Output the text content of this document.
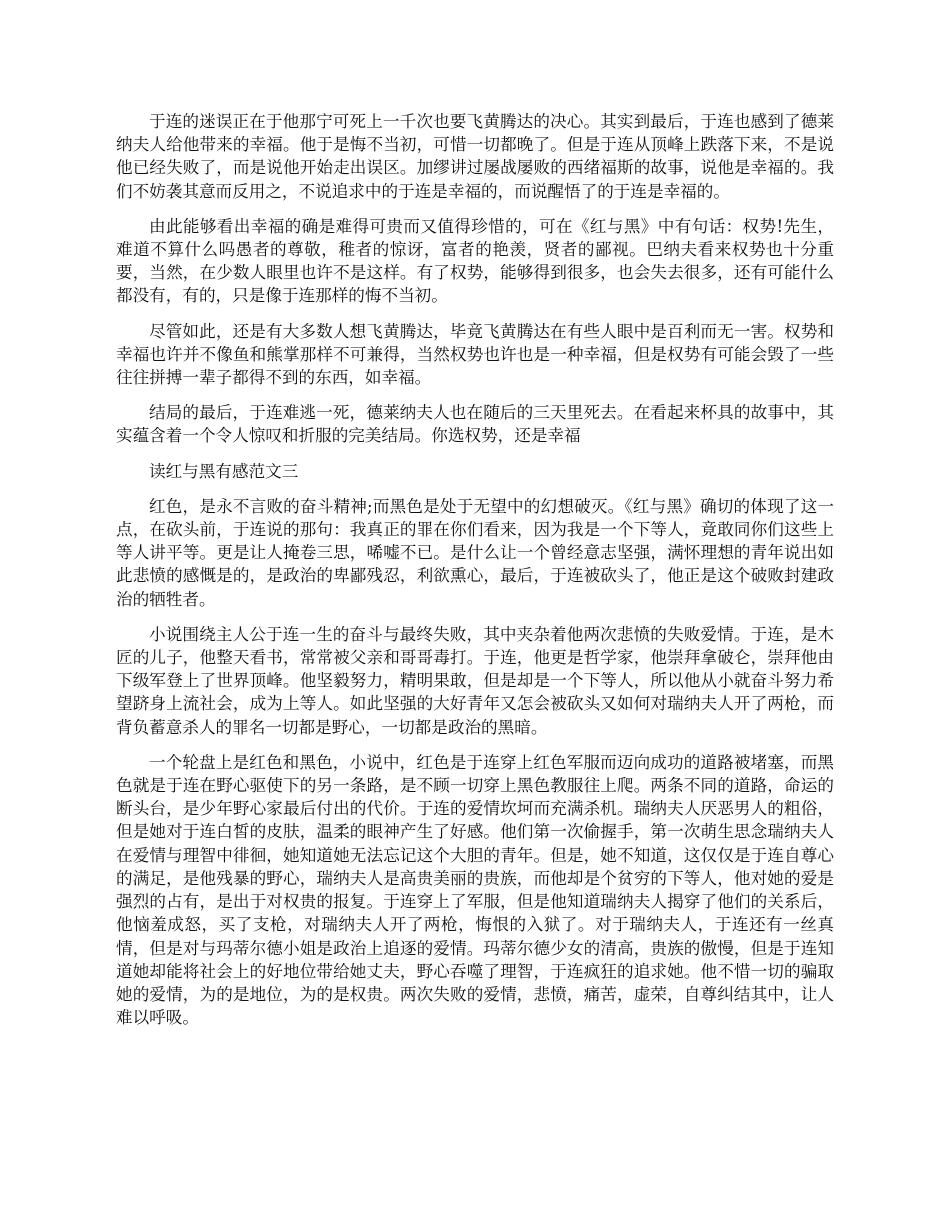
于连的迷误正在于他那宁可死上一千次也要飞黄腾达的决心。其实到最后，于连也感到了德莱纳夫人给他带来的幸福。他于是悔不当初，可惜一切都晚了。但是于连从顶峰上跌落下来，不是说他已经失败了，而是说他开始走出误区。加缪讲过屡战屡败的西绪福斯的故事，说他是幸福的。我们不妨袭其意而反用之，不说追求中的于连是幸福的，而说醒悟了的于连是幸福的。

由此能够看出幸福的确是难得可贵而又值得珍惜的，可在《红与黑》中有句话：权势!先生，难道不算什么吗愚者的尊敬，稚者的惊讶，富者的艳羡，贤者的鄙视。巴纳夫看来权势也十分重要，当然，在少数人眼里也许不是这样。有了权势，能够得到很多，也会失去很多，还有可能什么都没有，有的，只是像于连那样的悔不当初。

尽管如此，还是有大多数人想飞黄腾达，毕竟飞黄腾达在有些人眼中是百利而无一害。权势和幸福也许并不像鱼和熊掌那样不可兼得，当然权势也许也是一种幸福，但是权势有可能会毁了一些往往拼搏一辈子都得不到的东西，如幸福。

结局的最后，于连难逃一死，德莱纳夫人也在随后的三天里死去。在看起来杯具的故事中，其实蕴含着一个令人惊叹和折服的完美结局。你选权势，还是幸福

读红与黑有感范文三

红色，是永不言败的奋斗精神;而黑色是处于无望中的幻想破灭。《红与黑》确切的体现了这一点，在砍头前，于连说的那句：我真正的罪在你们看来，因为我是一个下等人，竟敢同你们这些上等人讲平等。更是让人掩卷三思，唏嘘不已。是什么让一个曾经意志坚强，满怀理想的青年说出如此悲愤的感慨是的，是政治的卑鄙残忍，利欲熏心，最后，于连被砍头了，他正是这个破败封建政治的牺牲者。

小说围绕主人公于连一生的奋斗与最终失败，其中夹杂着他两次悲愤的失败爱情。于连，是木匠的儿子，他整天看书，常常被父亲和哥哥毒打。于连，他更是哲学家，他崇拜拿破仑，崇拜他由下级军登上了世界顶峰。他坚毅努力，精明果敢，但是却是一个下等人，所以他从小就奋斗努力希望跻身上流社会，成为上等人。如此坚强的大好青年又怎会被砍头又如何对瑞纳夫人开了两枪，而背负蓄意杀人的罪名一切都是野心，一切都是政治的黑暗。

一个轮盘上是红色和黑色，小说中，红色是于连穿上红色军服而迈向成功的道路被堵塞，而黑色就是于连在野心驱使下的另一条路，是不顾一切穿上黑色教服往上爬。两条不同的道路，命运的断头台，是少年野心家最后付出的代价。于连的爱情坎坷而充满杀机。瑞纳夫人厌恶男人的粗俗，但是她对于连白皙的皮肤，温柔的眼神产生了好感。他们第一次偷握手，第一次萌生思念瑞纳夫人在爱情与理智中徘徊，她知道她无法忘记这个大胆的青年。但是，她不知道，这仅仅是于连自尊心的满足，是他残暴的野心，瑞纳夫人是高贵美丽的贵族，而他却是个贫穷的下等人，他对她的爱是强烈的占有，是出于对权贵的报复。于连穿上了军服，但是他知道瑞纳夫人揭穿了他们的关系后，他恼羞成怒，买了支枪，对瑞纳夫人开了两枪，悔恨的入狱了。对于瑞纳夫人，于连还有一丝真情，但是对与玛蒂尔德小姐是政治上追逐的爱情。玛蒂尔德少女的清高，贵族的傲慢，但是于连知道她却能将社会上的好地位带给她丈夫，野心吞噬了理智，于连疯狂的追求她。他不惜一切的骗取她的爱情，为的是地位，为的是权贵。两次失败的爱情，悲愤，痛苦，虚荣，自尊纠结其中，让人难以呼吸。
